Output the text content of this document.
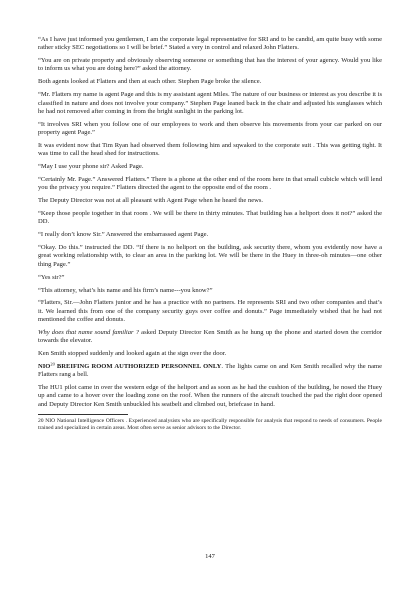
“As I have just informed you gentlemen, I am the corporate legal representative for SRI and to be candid, am quite busy with some rather sticky SEC negotiations so I will be brief.” Stated a very in control and relaxed John Flatters.

“You are on private property and obviously observing someone or something that has the interest of your agency. Would you like to inform us what you are doing here?” asked the attorney.

Both agents looked at Flatters and then at each other. Stephen Page broke the silence.

“Mr. Flatters my name is agent Page and this is my assistant agent Miles. The nature of our business or interest as you describe it is classified in nature and does not involve your company.” Stephen Page leaned back in the chair and adjusted his sunglasses which he had not removed after coming in from the bright sunlight in the parking lot.

“It involves SRI when you follow one of our employees to work and then observe his movements from your car parked on our property agent Page.”

It was evident now that Tim Ryan had observed them following him and sqwaked to the corporate suit . This was getting tight. It was time to call the head shed for instructions.

“May I use your phone sir? Asked Page.

“Certainly Mr. Page.” Answered Flatters.” There is a phone at the other end of the room here in that small cubicle which will lend you the privacy you require.” Flatters directed the agent to the opposite end of the room .

The Deputy Director was not at all pleasant with Agent Page when he heard the news.

“Keep those people together in that room . We will be there in thirty minutes. That building has a heliport does it not?” asked the DD.

“I really don’t know Sir.” Answered the embarrassed agent Page.

“Okay. Do this.” instructed the DD. “If there is no heliport on the building, ask security there, whom you evidently now have a great working relationship with, to clear an area in the parking lot. We will be there in the Huey in three-oh minutes—one other thing Page.”

“Yes sir?”

“This attorney, what’s his name and his firm’s name---you know?”

“Flatters, Sir.—John Flatters junior and he has a practice with no partners. He represents SRI and two other companies and that’s it. We learned this from one of the company security guys over coffee and donuts.” Page immediately wished that he had not mentioned the coffee and donuts.

Why does that name sound familiar ? asked Deputy Director Ken Smith as he hung up the phone and started down the corridor towards the elevator.

Ken Smith stopped suddenly and looked again at the sign over the door.

NIO$^{20}$ BREIFING ROOM AUTHORIZED PERSONNEL ONLY. The lights came on and Ken Smith recalled why the name Flatters rang a bell.

The HU1 pilot came in over the western edge of the heliport and as soon as he had the cushion of the building, he nosed the Huey up and came to a hover over the loading zone on the roof. When the runners of the aircraft touched the pad the right door opened and Deputy Director Ken Smith unbuckled his seatbelt and climbed out, briefcase in hand.

20 NIO National Intelligence Officers . Experienced analysists who are specifically responsible for analysis that respond to needs of consumers. People trained and specialized in certain areas. Most often serve as senior advisors to the Director.

147
